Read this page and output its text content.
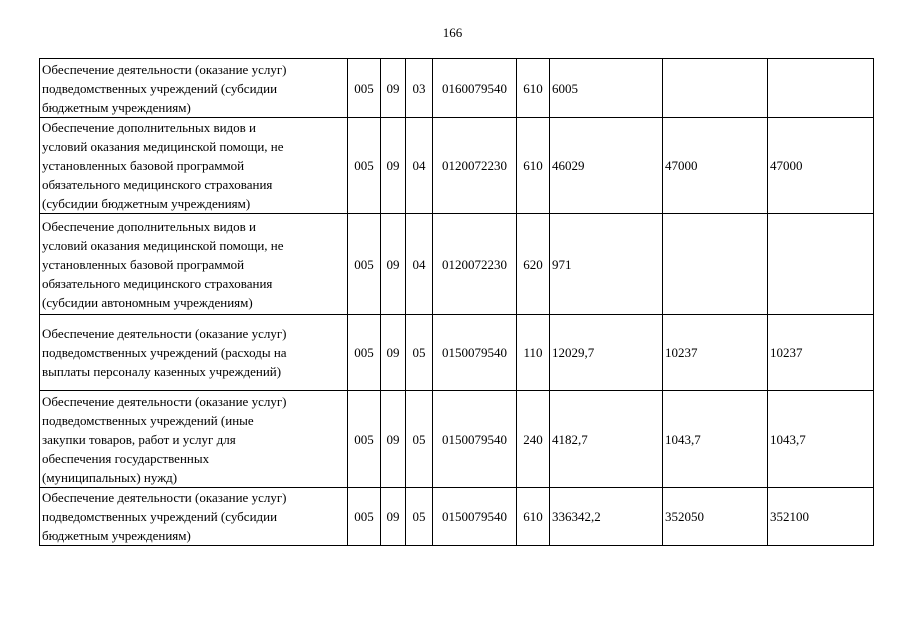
166
Обеспечение деятельности (оказание услуг)
подведомственных учреждений (субсидии
бюджетным учреждениям)	005	09	03	0160079540	610	6005		

Обеспечение дополнительных видов и
условий оказания медицинской помощи, не
установленных базовой программой
обязательного медицинского страхования
(субсидии бюджетным учреждениям)	005	09	04	0120072230	610	46029	47000	47000

Обеспечение дополнительных видов и
условий оказания медицинской помощи, не
установленных базовой программой
обязательного медицинского страхования
(субсидии автономным учреждениям)	005	09	04	0120072230	620	971		

Обеспечение деятельности (оказание услуг)
подведомственных учреждений (расходы на
выплаты персоналу казенных учреждений)	005	09	05	0150079540	110	12029,7	10237	10237

Обеспечение деятельности (оказание услуг)
подведомственных учреждений (иные
закупки товаров, работ и услуг для
обеспечения государственных
(муниципальных) нужд)	005	09	05	0150079540	240	4182,7	1043,7	1043,7

Обеспечение деятельности (оказание услуг)
подведомственных учреждений (субсидии
бюджетным учреждениям)	005	09	05	0150079540	610	336342,2	352050	352100
